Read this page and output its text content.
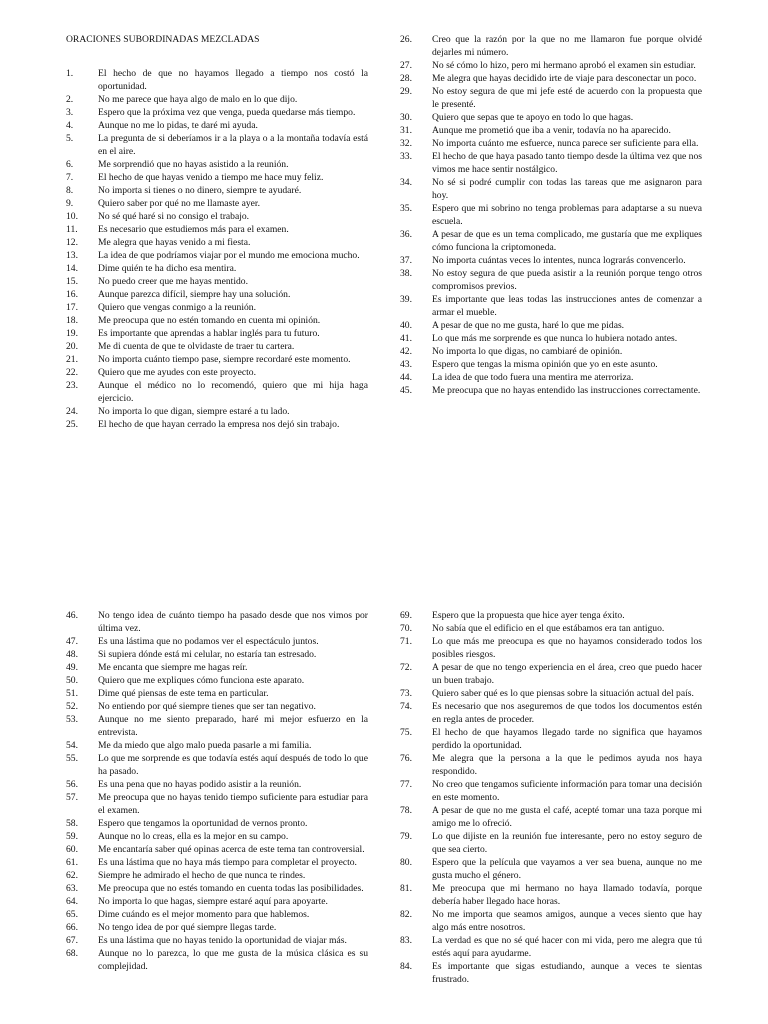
ORACIONES SUBORDINADAS MEZCLADAS
1.	El hecho de que no hayamos llegado a tiempo nos costó la oportunidad.
2.	No me parece que haya algo de malo en lo que dijo.
3.	Espero que la próxima vez que venga, pueda quedarse más tiempo.
4.	Aunque no me lo pidas, te daré mi ayuda.
5.	La pregunta de si deberíamos ir a la playa o a la montaña todavía está en el aire.
6.	Me sorprendió que no hayas asistido a la reunión.
7.	El hecho de que hayas venido a tiempo me hace muy feliz.
8.	No importa si tienes o no dinero, siempre te ayudaré.
9.	Quiero saber por qué no me llamaste ayer.
10.	No sé qué haré si no consigo el trabajo.
11.	Es necesario que estudiemos más para el examen.
12.	Me alegra que hayas venido a mi fiesta.
13.	La idea de que podríamos viajar por el mundo me emociona mucho.
14.	Dime quién te ha dicho esa mentira.
15.	No puedo creer que me hayas mentido.
16.	Aunque parezca difícil, siempre hay una solución.
17.	Quiero que vengas conmigo a la reunión.
18.	Me preocupa que no estén tomando en cuenta mi opinión.
19.	Es importante que aprendas a hablar inglés para tu futuro.
20.	Me di cuenta de que te olvidaste de traer tu cartera.
21.	No importa cuánto tiempo pase, siempre recordaré este momento.
22.	Quiero que me ayudes con este proyecto.
23.	Aunque el médico no lo recomendó, quiero que mi hija haga ejercicio.
24.	No importa lo que digan, siempre estaré a tu lado.
25.	El hecho de que hayan cerrado la empresa nos dejó sin trabajo.
26.	Creo que la razón por la que no me llamaron fue porque olvidé dejarles mi número.
27.	No sé cómo lo hizo, pero mi hermano aprobó el examen sin estudiar.
28.	Me alegra que hayas decidido irte de viaje para desconectar un poco.
29.	No estoy segura de que mi jefe esté de acuerdo con la propuesta que le presenté.
30.	Quiero que sepas que te apoyo en todo lo que hagas.
31.	Aunque me prometió que iba a venir, todavía no ha aparecido.
32.	No importa cuánto me esfuerce, nunca parece ser suficiente para ella.
33.	El hecho de que haya pasado tanto tiempo desde la última vez que nos vimos me hace sentir nostálgico.
34.	No sé si podré cumplir con todas las tareas que me asignaron para hoy.
35.	Espero que mi sobrino no tenga problemas para adaptarse a su nueva escuela.
36.	A pesar de que es un tema complicado, me gustaría que me expliques cómo funciona la criptomoneda.
37.	No importa cuántas veces lo intentes, nunca lograrás convencerlo.
38.	No estoy segura de que pueda asistir a la reunión porque tengo otros compromisos previos.
39.	Es importante que leas todas las instrucciones antes de comenzar a armar el mueble.
40.	A pesar de que no me gusta, haré lo que me pidas.
41.	Lo que más me sorprende es que nunca lo hubiera notado antes.
42.	No importa lo que digas, no cambiaré de opinión.
43.	Espero que tengas la misma opinión que yo en este asunto.
44.	La idea de que todo fuera una mentira me aterroriza.
45.	Me preocupa que no hayas entendido las instrucciones correctamente.
46.	No tengo idea de cuánto tiempo ha pasado desde que nos vimos por última vez.
47.	Es una lástima que no podamos ver el espectáculo juntos.
48.	Si supiera dónde está mi celular, no estaría tan estresado.
49.	Me encanta que siempre me hagas reír.
50.	Quiero que me expliques cómo funciona este aparato.
51.	Dime qué piensas de este tema en particular.
52.	No entiendo por qué siempre tienes que ser tan negativo.
53.	Aunque no me siento preparado, haré mi mejor esfuerzo en la entrevista.
54.	Me da miedo que algo malo pueda pasarle a mi familia.
55.	Lo que me sorprende es que todavía estés aquí después de todo lo que ha pasado.
56.	Es una pena que no hayas podido asistir a la reunión.
57.	Me preocupa que no hayas tenido tiempo suficiente para estudiar para el examen.
58.	Espero que tengamos la oportunidad de vernos pronto.
59.	Aunque no lo creas, ella es la mejor en su campo.
60.	Me encantaría saber qué opinas acerca de este tema tan controversial.
61.	Es una lástima que no haya más tiempo para completar el proyecto.
62.	Siempre he admirado el hecho de que nunca te rindes.
63.	Me preocupa que no estés tomando en cuenta todas las posibilidades.
64.	No importa lo que hagas, siempre estaré aquí para apoyarte.
65.	Dime cuándo es el mejor momento para que hablemos.
66.	No tengo idea de por qué siempre llegas tarde.
67.	Es una lástima que no hayas tenido la oportunidad de viajar más.
68.	Aunque no lo parezca, lo que me gusta de la música clásica es su complejidad.
69.	Espero que la propuesta que hice ayer tenga éxito.
70.	No sabía que el edificio en el que estábamos era tan antiguo.
71.	Lo que más me preocupa es que no hayamos considerado todos los posibles riesgos.
72.	A pesar de que no tengo experiencia en el área, creo que puedo hacer un buen trabajo.
73.	Quiero saber qué es lo que piensas sobre la situación actual del país.
74.	Es necesario que nos aseguremos de que todos los documentos estén en regla antes de proceder.
75.	El hecho de que hayamos llegado tarde no significa que hayamos perdido la oportunidad.
76.	Me alegra que la persona a la que le pedimos ayuda nos haya respondido.
77.	No creo que tengamos suficiente información para tomar una decisión en este momento.
78.	A pesar de que no me gusta el café, acepté tomar una taza porque mi amigo me lo ofreció.
79.	Lo que dijiste en la reunión fue interesante, pero no estoy seguro de que sea cierto.
80.	Espero que la película que vayamos a ver sea buena, aunque no me gusta mucho el género.
81.	Me preocupa que mi hermano no haya llamado todavía, porque debería haber llegado hace horas.
82.	No me importa que seamos amigos, aunque a veces siento que hay algo más entre nosotros.
83.	La verdad es que no sé qué hacer con mi vida, pero me alegra que tú estés aquí para ayudarme.
84.	Es importante que sigas estudiando, aunque a veces te sientas frustrado.
